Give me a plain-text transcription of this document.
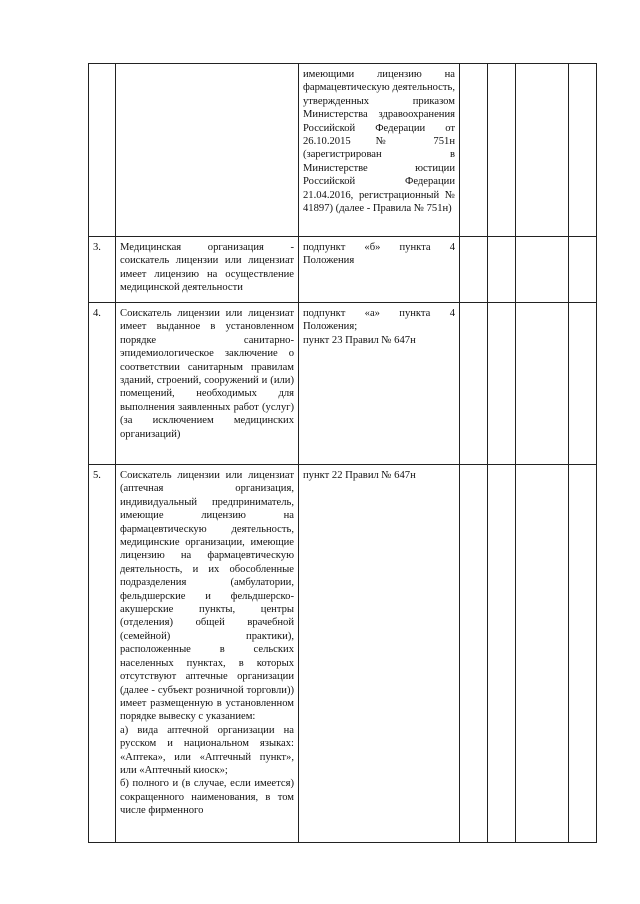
		имеющими лицензию на фармацевтическую деятельность, утвержденных приказом Министерства здравоохранения Российской Федерации от 26.10.2015 № 751н (зарегистрирован в Министерстве юстиции Российской Федерации 21.04.2016, регистрационный № 41897) (далее - Правила № 751н)				

3.	Медицинская организация - соискатель лицензии или лицензиат имеет лицензию на осуществление медицинской деятельности	подпункт «б» пункта 4 Положения				

4.	Соискатель лицензии или лицензиат имеет выданное в установленном порядке санитарно-эпидемиологическое заключение о соответствии санитарным правилам зданий, строений, сооружений и (или) помещений, необходимых для выполнения заявленных работ (услуг) (за исключением медицинских организаций)	подпункт «а» пункта 4 Положения;
пункт 23 Правил № 647н				

5.	Соискатель лицензии или лицензиат (аптечная организация, индивидуальный предприниматель, имеющие лицензию на фармацевтическую деятельность, медицинские организации, имеющие лицензию на фармацевтическую деятельность, и их обособленные подразделения (амбулатории, фельдшерские и фельдшерско-акушерские пункты, центры (отделения) общей врачебной (семейной) практики), расположенные в сельских населенных пунктах, в которых отсутствуют аптечные организации (далее - субъект розничной торговли)) имеет размещенную в установленном порядке вывеску с указанием:
а) вида аптечной организации на русском и национальном языках: «Аптека», или «Аптечный пункт», или «Аптечный киоск»;
б) полного и (в случае, если имеется) сокращенного наименования, в том числе фирменного	пункт 22 Правил № 647н				
